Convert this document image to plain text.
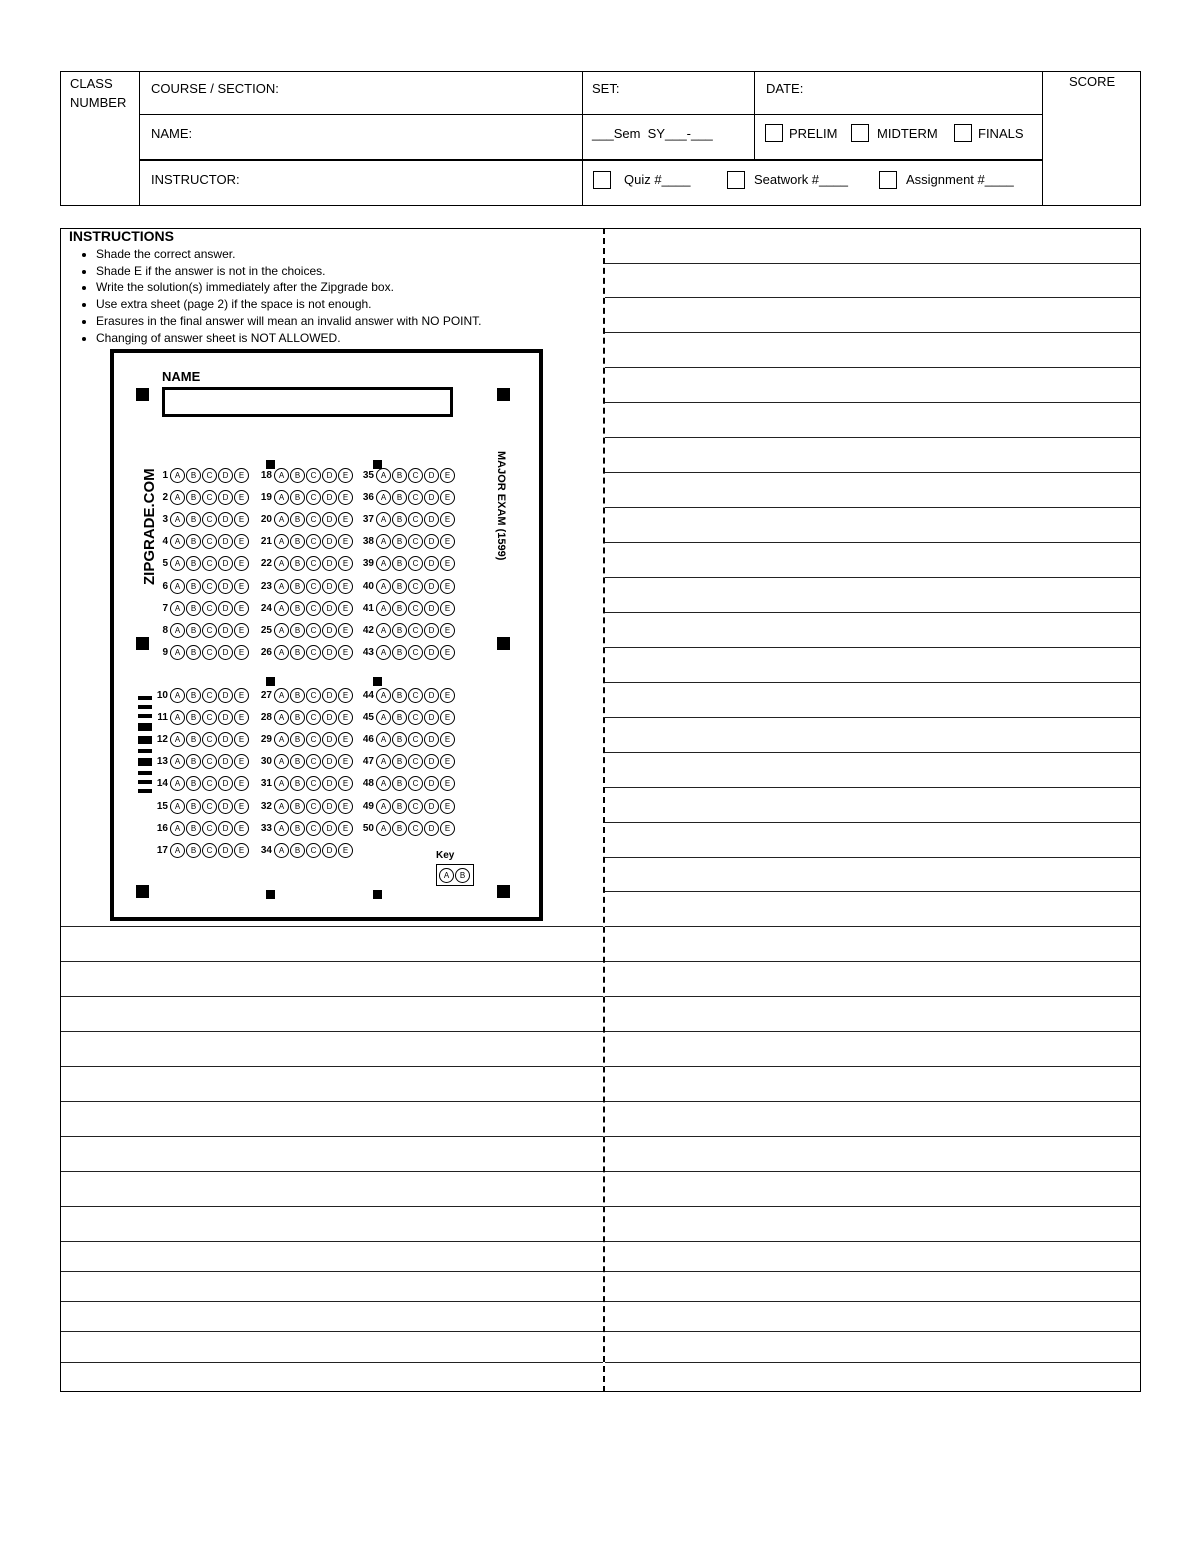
CLASS NUMBER
COURSE / SECTION:	SET:	DATE:	SCORE
NAME:	___Sem  SY___-___	PRELIM	MIDTERM	FINALS
INSTRUCTOR:	Quiz #____	Seatwork #____	Assignment #____
INSTRUCTIONS
• Shade the correct answer.
• Shade E if the answer is not in the choices.
• Write the solution(s) immediately after the Zipgrade box.
• Use extra sheet (page 2) if the space is not enough.
• Erasures in the final answer will mean an invalid answer with NO POINT.
• Changing of answer sheet is NOT ALLOWED.
NAME
ZIPGRADE.COM	MAJOR EXAM (1599)
1 A	B	C	D	E
2 A	B	C	D	E
3 A	B	C	D	E
4 A	B	C	D	E
5 A	B	C	D	E
6 A	B	C	D	E
7 A	B	C	D	E
8 A	B	C	D	E
9 A	B	C	D	E
10 A	B	C	D	E
11 A	B	C	D	E
12 A	B	C	D	E
13 A	B	C	D	E
14 A	B	C	D	E
15 A	B	C	D	E
16 A	B	C	D	E
17 A	B	C	D	E
18 A	B	C	D	E
19 A	B	C	D	E
20 A	B	C	D	E
21 A	B	C	D	E
22 A	B	C	D	E
23 A	B	C	D	E
24 A	B	C	D	E
25 A	B	C	D	E
26 A	B	C	D	E
27 A	B	C	D	E
28 A	B	C	D	E
29 A	B	C	D	E
30 A	B	C	D	E
31 A	B	C	D	E
32 A	B	C	D	E
33 A	B	C	D	E
34 A	B	C	D	E
35 A	B	C	D	E
36 A	B	C	D	E
37 A	B	C	D	E
38 A	B	C	D	E
39 A	B	C	D	E
40 A	B	C	D	E
41 A	B	C	D	E
42 A	B	C	D	E
43 A	B	C	D	E
44 A	B	C	D	E
45 A	B	C	D	E
46 A	B	C	D	E
47 A	B	C	D	E
48 A	B	C	D	E
49 A	B	C	D	E
50 A	B	C	D	E
Key
A	B
